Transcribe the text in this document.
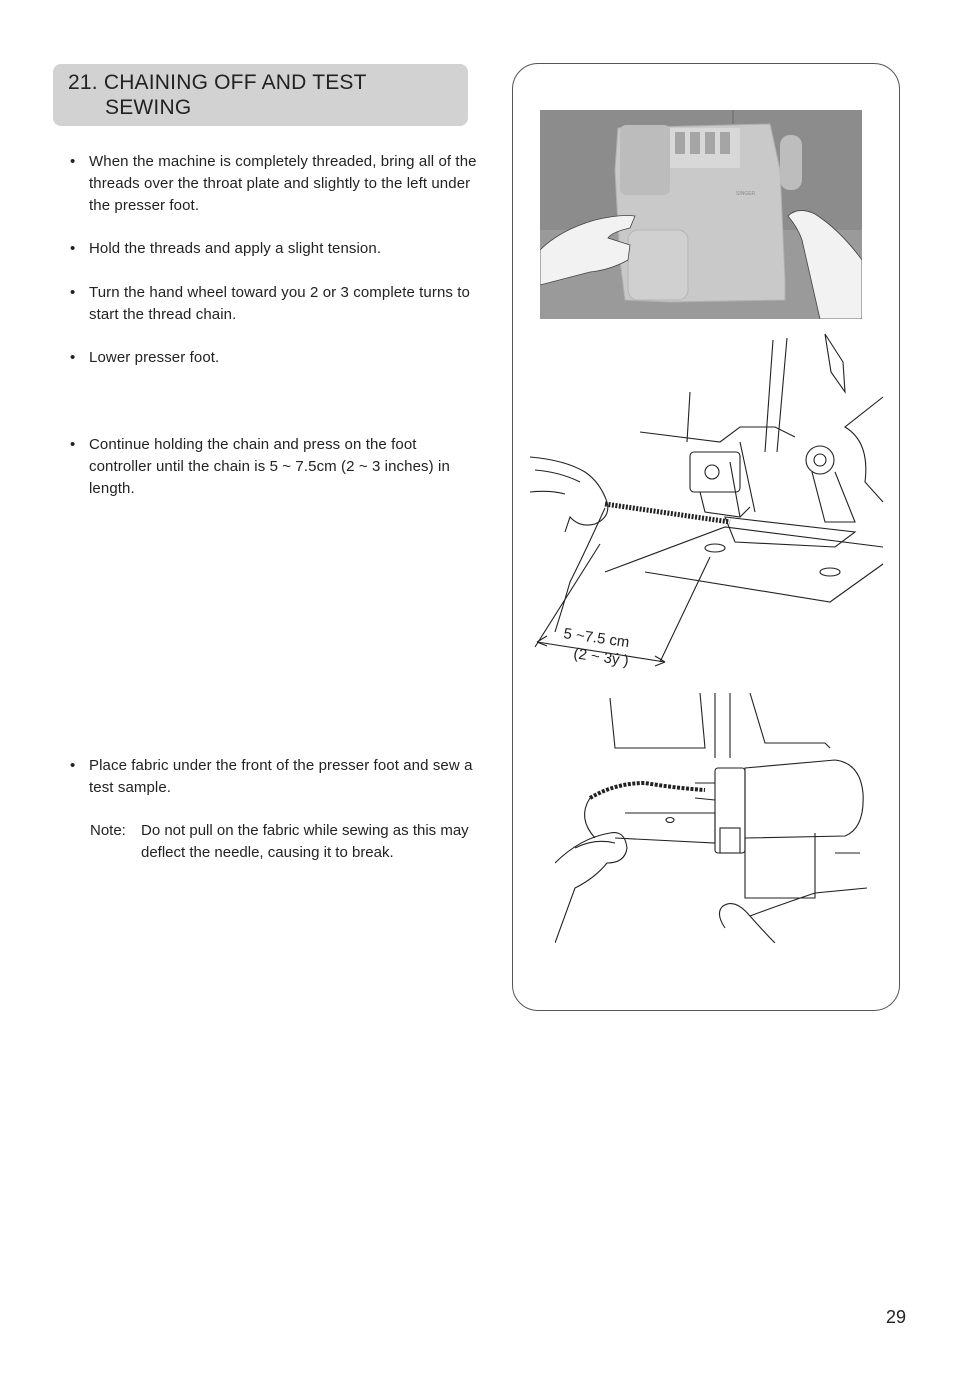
21. CHAINING OFF AND TEST
SEWING
• When the machine is completely threaded, bring all of the threads over the throat plate and slightly to the left under the presser foot.
• Hold the threads and apply a slight tension.
• Turn the hand wheel toward you 2 or 3 complete turns to start the thread chain.
• Lower presser foot.
• Continue holding the chain and press on the foot controller until the chain is 5 ~ 7.5cm (2 ~ 3 inches) in length.
• Place fabric under the front of the presser foot and sew a test sample.
Note: Do not pull on the fabric while sewing as this may deflect the needle, causing it to break.
SINGER
5 ~7.5 cm
(2 ~ 3ý )
29
